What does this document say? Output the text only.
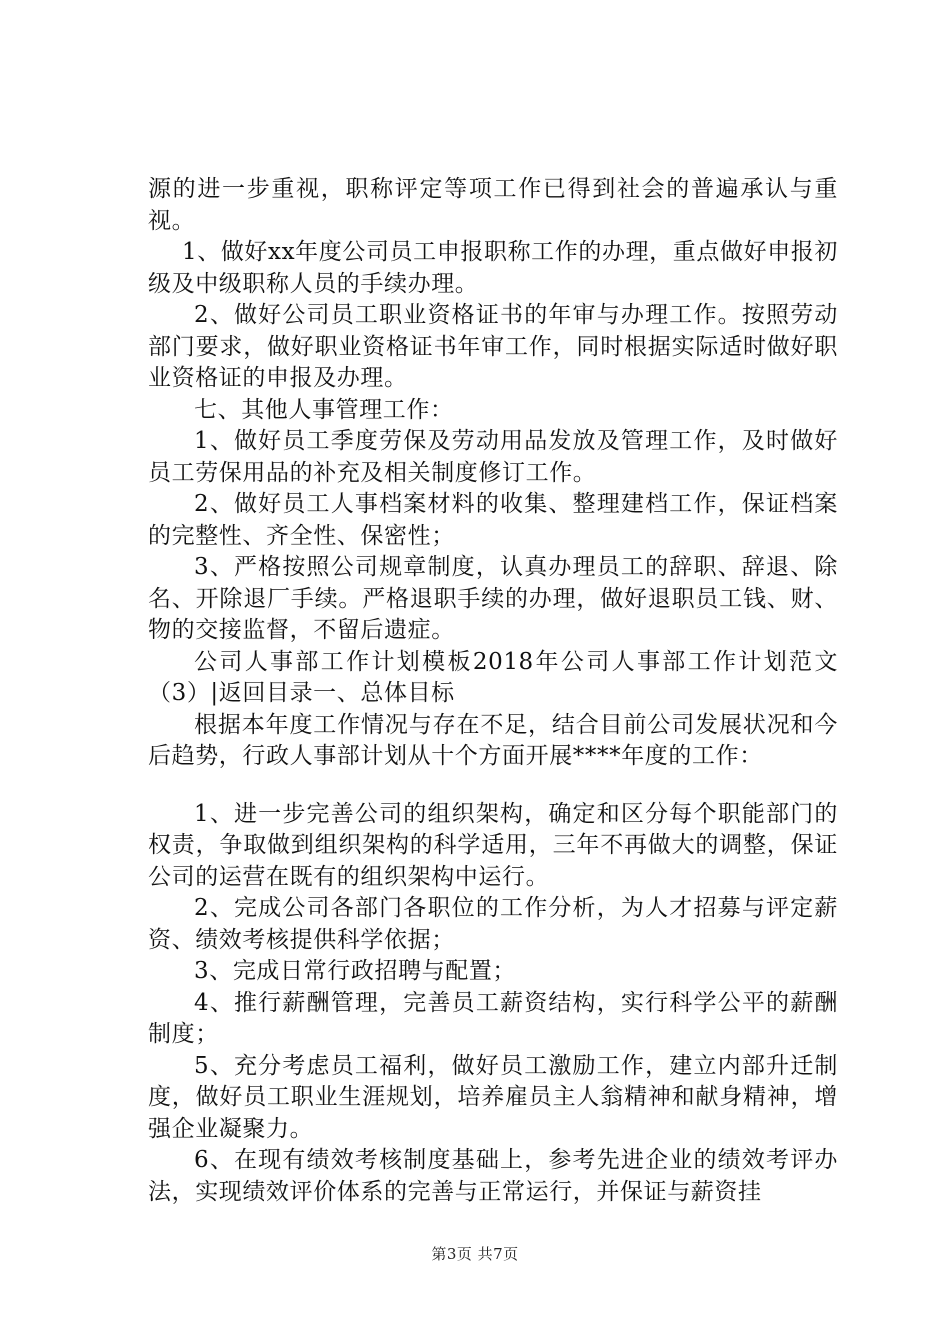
源的进一步重视，职称评定等项工作已得到社会的普遍承认与重视。

1、做好xx年度公司员工申报职称工作的办理，重点做好申报初级及中级职称人员的手续办理。

2、做好公司员工职业资格证书的年审与办理工作。按照劳动部门要求，做好职业资格证书年审工作，同时根据实际适时做好职业资格证的申报及办理。

七、其他人事管理工作：

1、做好员工季度劳保及劳动用品发放及管理工作，及时做好员工劳保用品的补充及相关制度修订工作。

2、做好员工人事档案材料的收集、整理建档工作，保证档案的完整性、齐全性、保密性；

3、严格按照公司规章制度，认真办理员工的辞职、辞退、除名、开除退厂手续。严格退职手续的办理，做好退职员工钱、财、物的交接监督，不留后遗症。

公司人事部工作计划模板2018年公司人事部工作计划范文（3）|返回目录一、总体目标

根据本年度工作情况与存在不足，结合目前公司发展状况和今后趋势，行政人事部计划从十个方面开展****年度的工作：

1、进一步完善公司的组织架构，确定和区分每个职能部门的权责，争取做到组织架构的科学适用，三年不再做大的调整，保证公司的运营在既有的组织架构中运行。

2、完成公司各部门各职位的工作分析，为人才招募与评定薪资、绩效考核提供科学依据；

3、完成日常行政招聘与配置；

4、推行薪酬管理，完善员工薪资结构，实行科学公平的薪酬制度；

5、充分考虑员工福利，做好员工激励工作，建立内部升迁制度，做好员工职业生涯规划，培养雇员主人翁精神和献身精神，增强企业凝聚力。

6、在现有绩效考核制度基础上，参考先进企业的绩效考评办法，实现绩效评价体系的完善与正常运行，并保证与薪资挂

第3页 共7页
